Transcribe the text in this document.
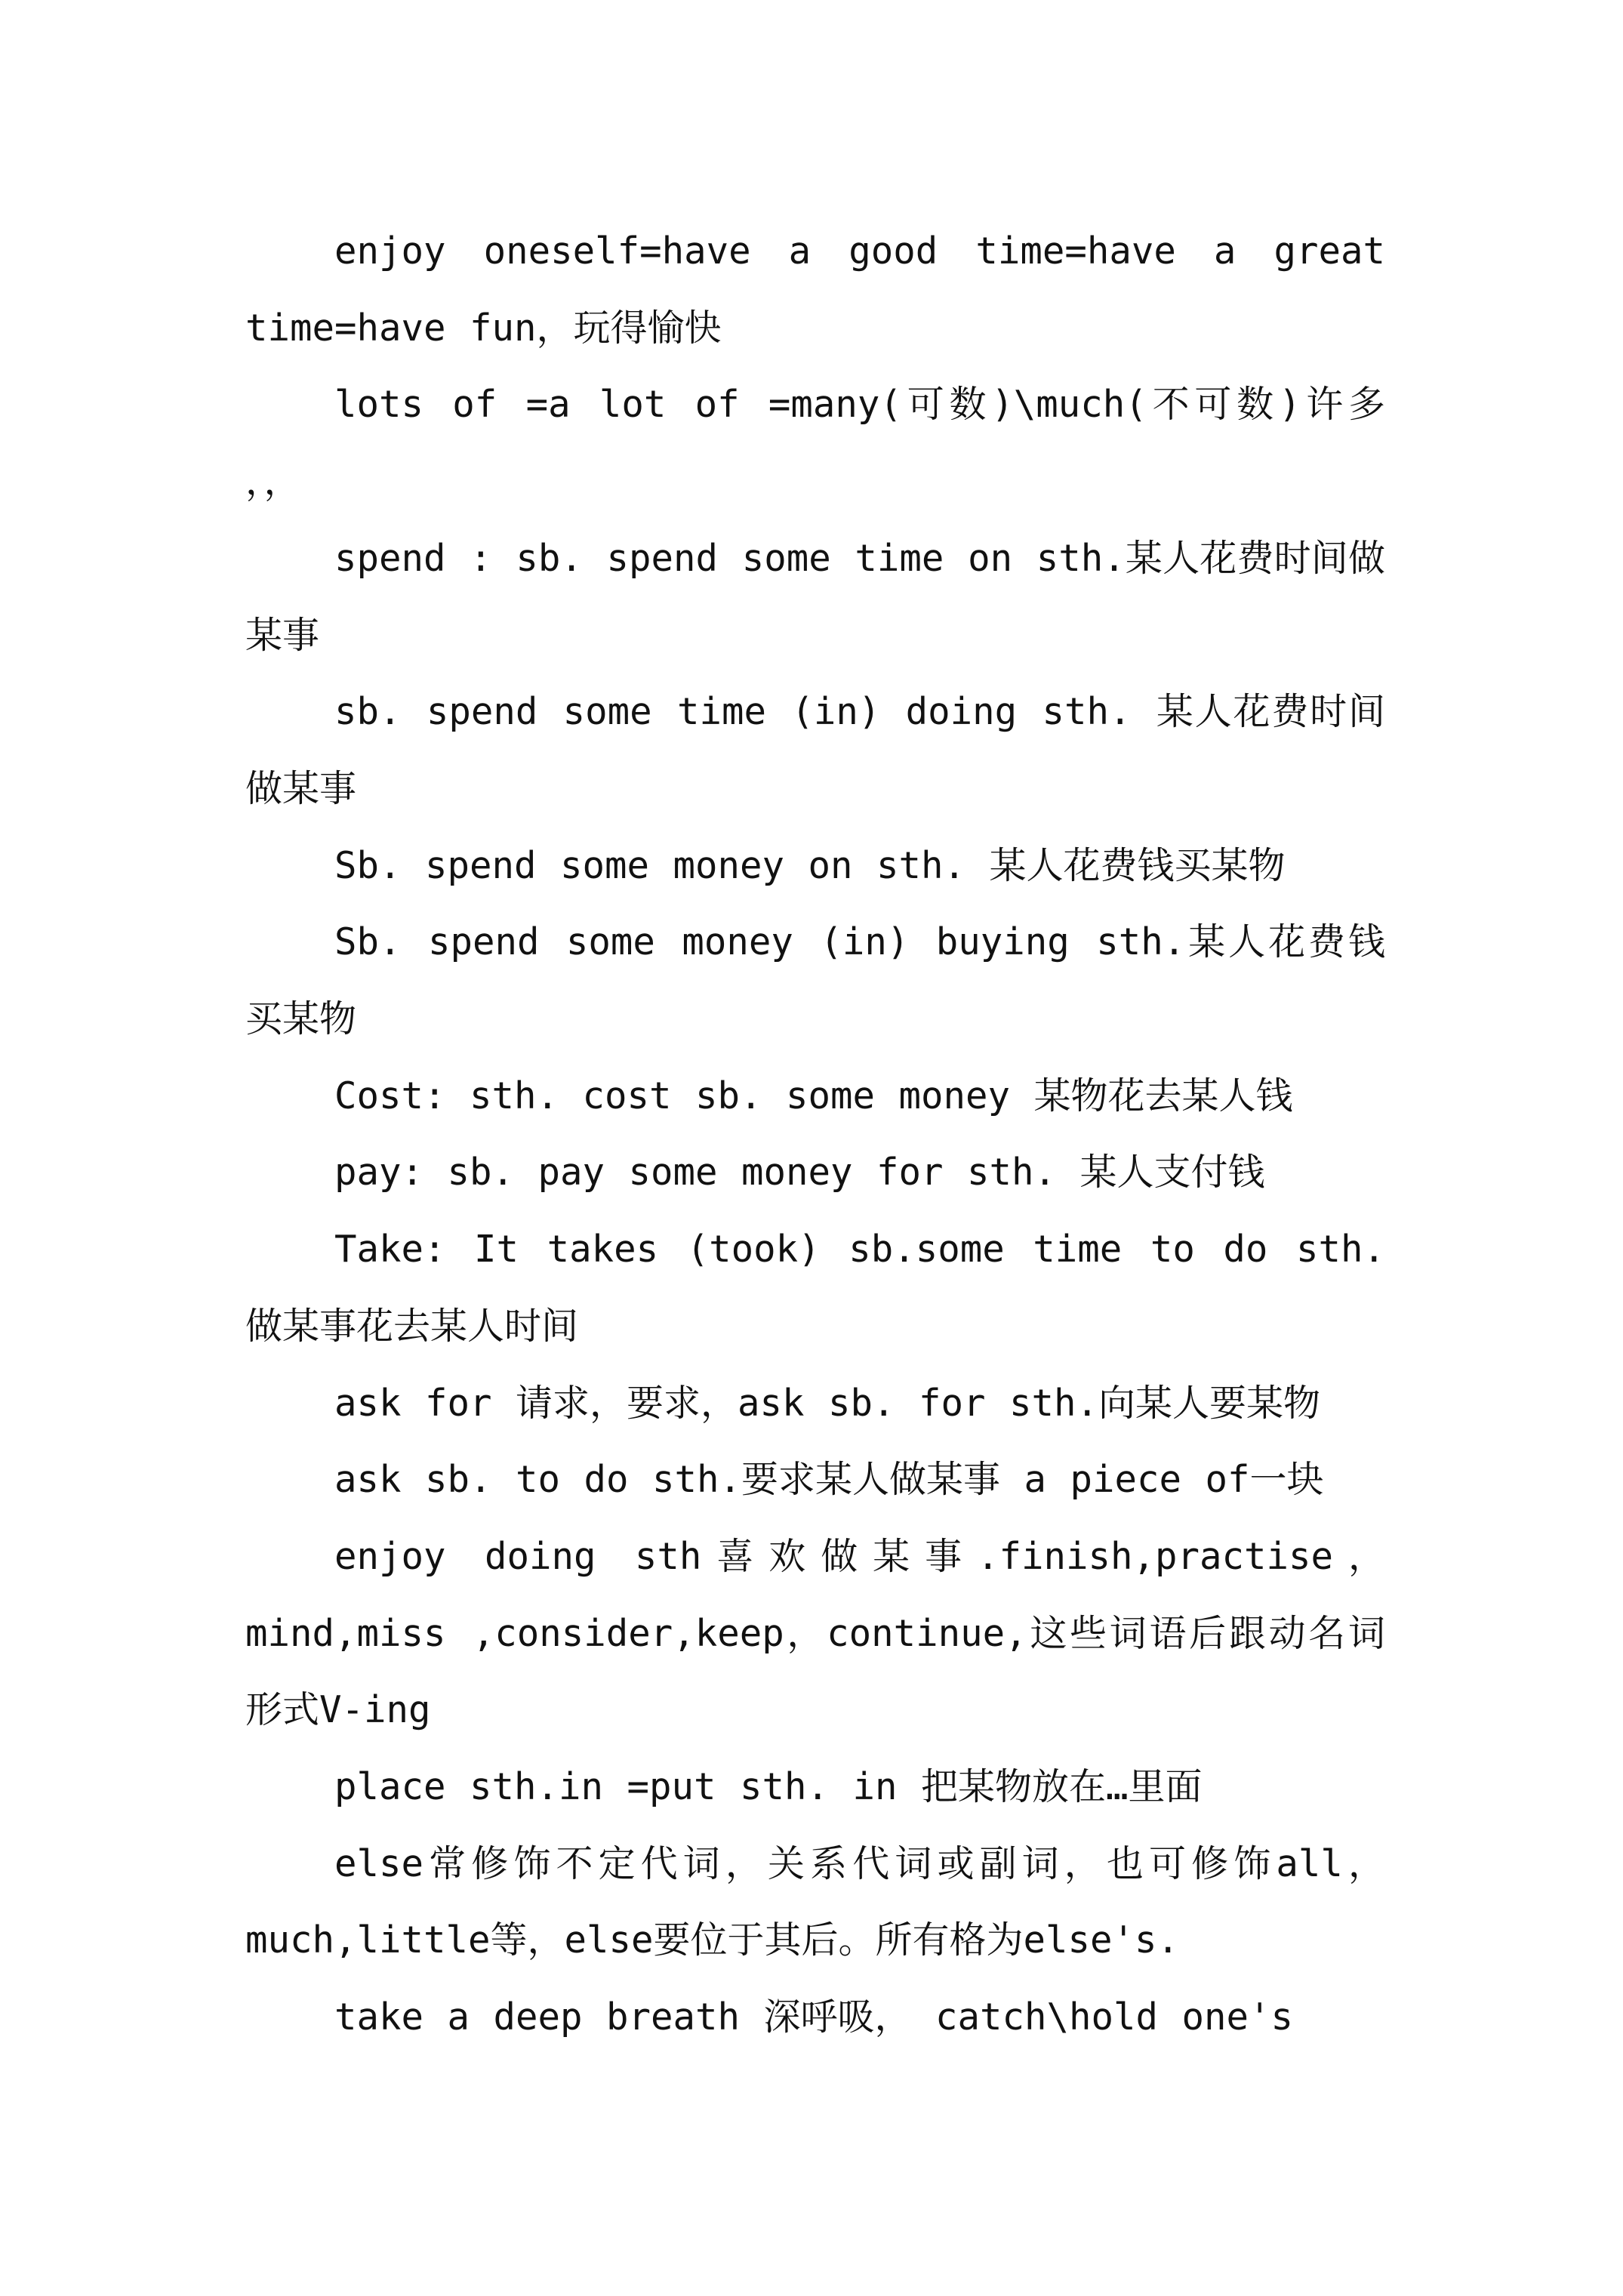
enjoy oneself=have a good time=have a great time=have fun，玩得愉快

lots of =a lot of =many(可数)\much(不可数)许多 ，，

spend : sb. spend some time on sth.某人花费时间做某事

sb. spend some time (in) doing sth. 某人花费时间做某事

Sb. spend some money on sth. 某人花费钱买某物

Sb. spend some money (in) buying sth.某人花费钱买某物

Cost: sth. cost sb. some money 某物花去某人钱

pay: sb. pay some money for sth. 某人支付钱

Take: It takes (took) sb.some time to do sth.做某事花去某人时间

ask for 请求，要求，ask sb. for sth.向某人要某物

ask sb. to do sth.要求某人做某事 a piece of一块

enjoy doing sth喜欢做某事.finish,practise，mind,miss ,consider,keep，continue,这些词语后跟动名词形式V-ing

place sth.in =put sth. in 把某物放在…里面

else常修饰不定代词，关系代词或副词，也可修饰all，much,little等，else要位于其后。所有格为else's.

take a deep breath 深呼吸， catch\hold one's
